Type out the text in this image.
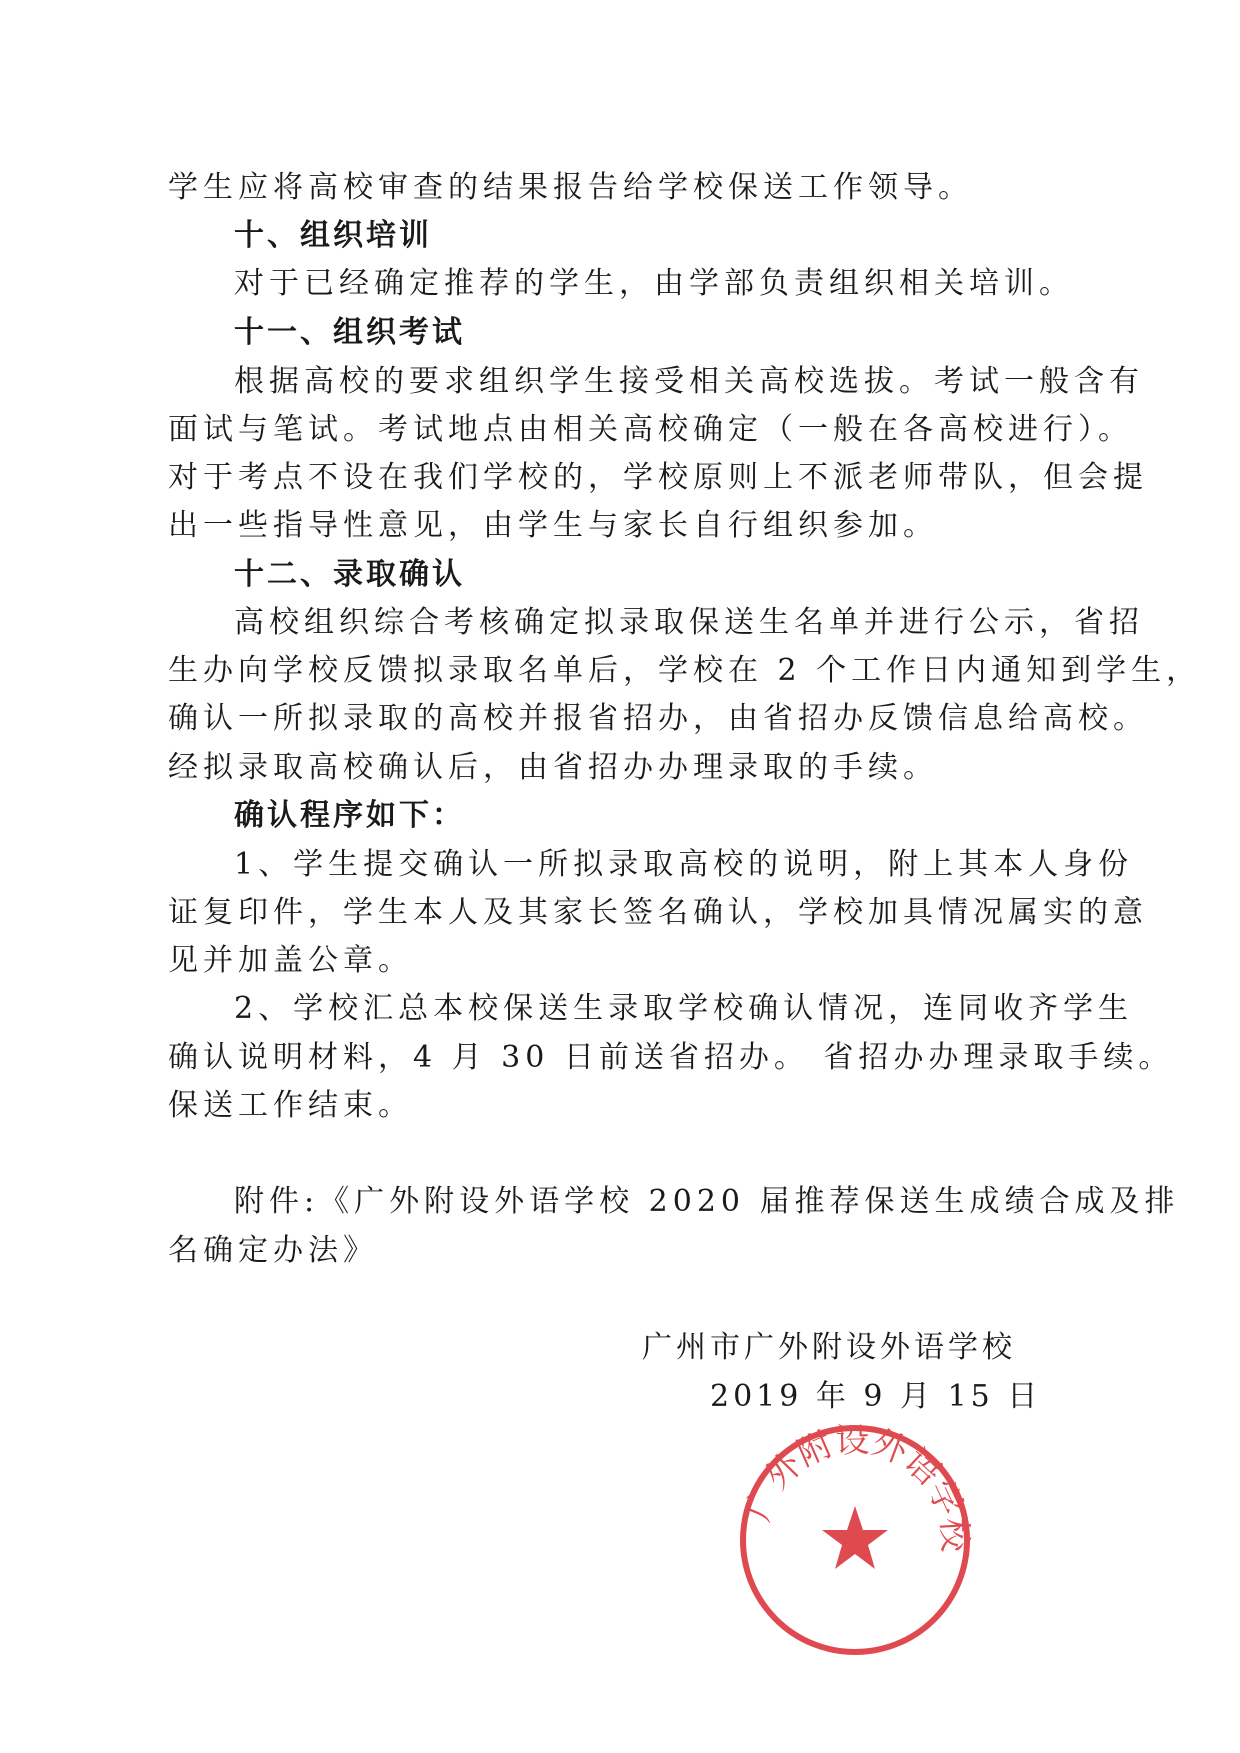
学生应将高校审查的结果报告给学校保送工作领导。
十、组织培训
对于已经确定推荐的学生，由学部负责组织相关培训。
十一、组织考试
根据高校的要求组织学生接受相关高校选拔。考试一般含有
面试与笔试。考试地点由相关高校确定（一般在各高校进行）。
对于考点不设在我们学校的，学校原则上不派老师带队，但会提
出一些指导性意见，由学生与家长自行组织参加。
十二、录取确认
高校组织综合考核确定拟录取保送生名单并进行公示，省招
生办向学校反馈拟录取名单后，学校在 2 个工作日内通知到学生，
确认一所拟录取的高校并报省招办，由省招办反馈信息给高校。
经拟录取高校确认后，由省招办办理录取的手续。
确认程序如下：
1、学生提交确认一所拟录取高校的说明，附上其本人身份
证复印件，学生本人及其家长签名确认，学校加具情况属实的意
见并加盖公章。
2、学校汇总本校保送生录取学校确认情况，连同收齐学生
确认说明材料，4 月 30 日前送省招办。 省招办办理录取手续。
保送工作结束。
附件:《广外附设外语学校 2020 届推荐保送生成绩合成及排
名确定办法》
广州市广外附设外语学校
2019 年 9 月 15 日
广外附设外语学校
